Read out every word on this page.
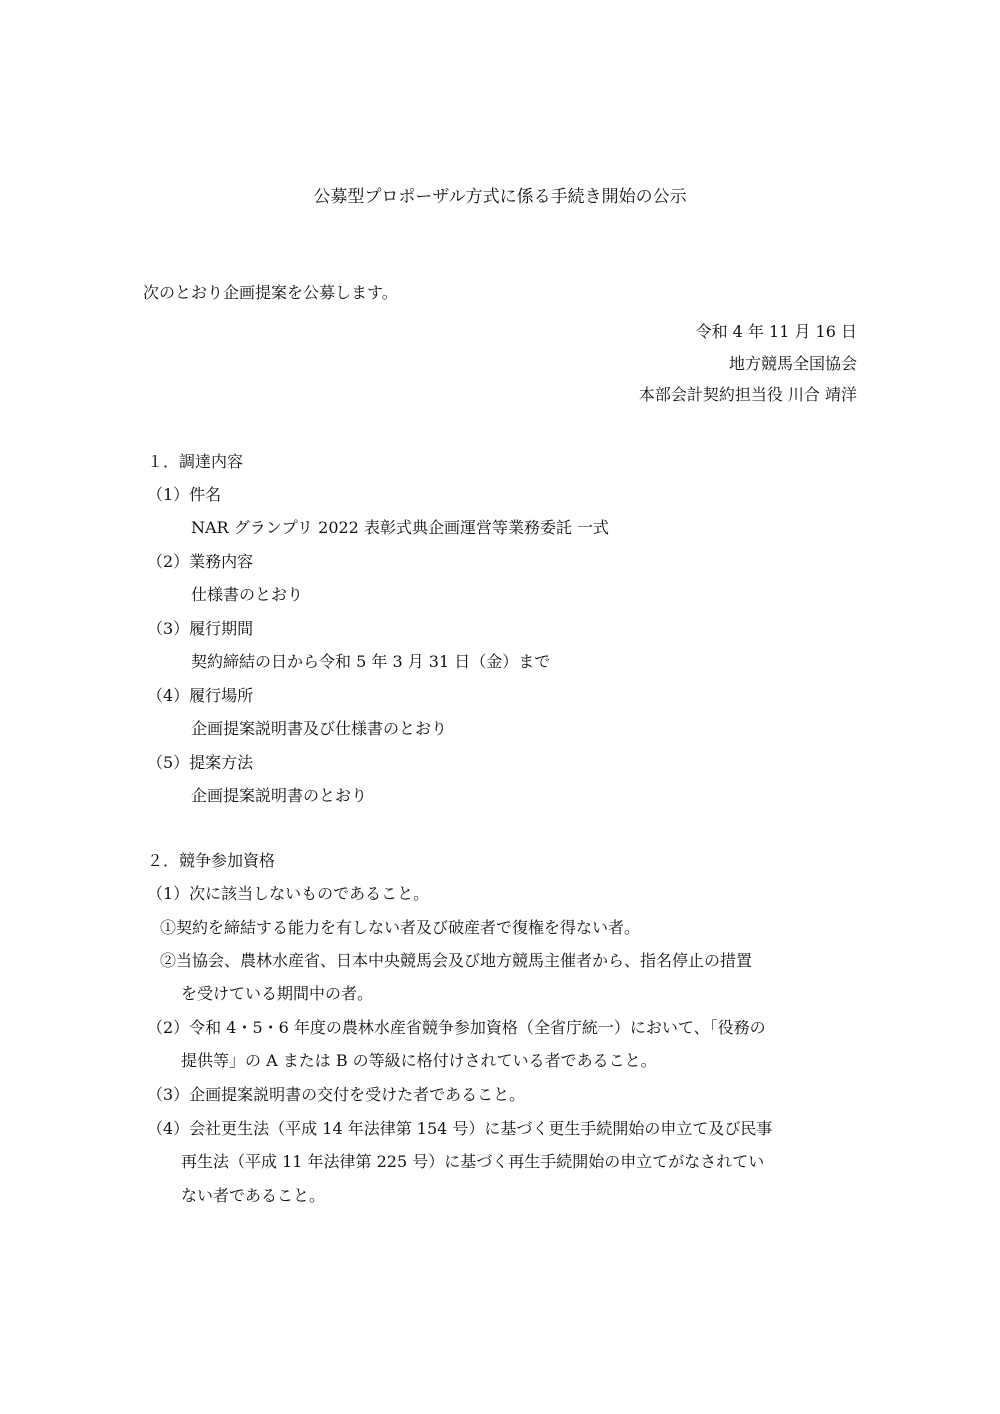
公募型プロポーザル方式に係る手続き開始の公示
次のとおり企画提案を公募します。
令和 4 年 11 月 16 日
地方競馬全国協会
本部会計契約担当役 川合 靖洋
１．調達内容
（1）件名
NAR グランプリ 2022 表彰式典企画運営等業務委託 一式
（2）業務内容
仕様書のとおり
（3）履行期間
契約締結の日から令和 5 年 3 月 31 日（金）まで
（4）履行場所
企画提案説明書及び仕様書のとおり
（5）提案方法
企画提案説明書のとおり
２．競争参加資格
（1）次に該当しないものであること。
①契約を締結する能力を有しない者及び破産者で復権を得ない者。
②当協会、農林水産省、日本中央競馬会及び地方競馬主催者から、指名停止の措置
を受けている期間中の者。
（2）令和 4・5・6 年度の農林水産省競争参加資格（全省庁統一）において、「役務の
提供等」の A または B の等級に格付けされている者であること。
（3）企画提案説明書の交付を受けた者であること。
（4）会社更生法（平成 14 年法律第 154 号）に基づく更生手続開始の申立て及び民事
再生法（平成 11 年法律第 225 号）に基づく再生手続開始の申立てがなされてい
ない者であること。
